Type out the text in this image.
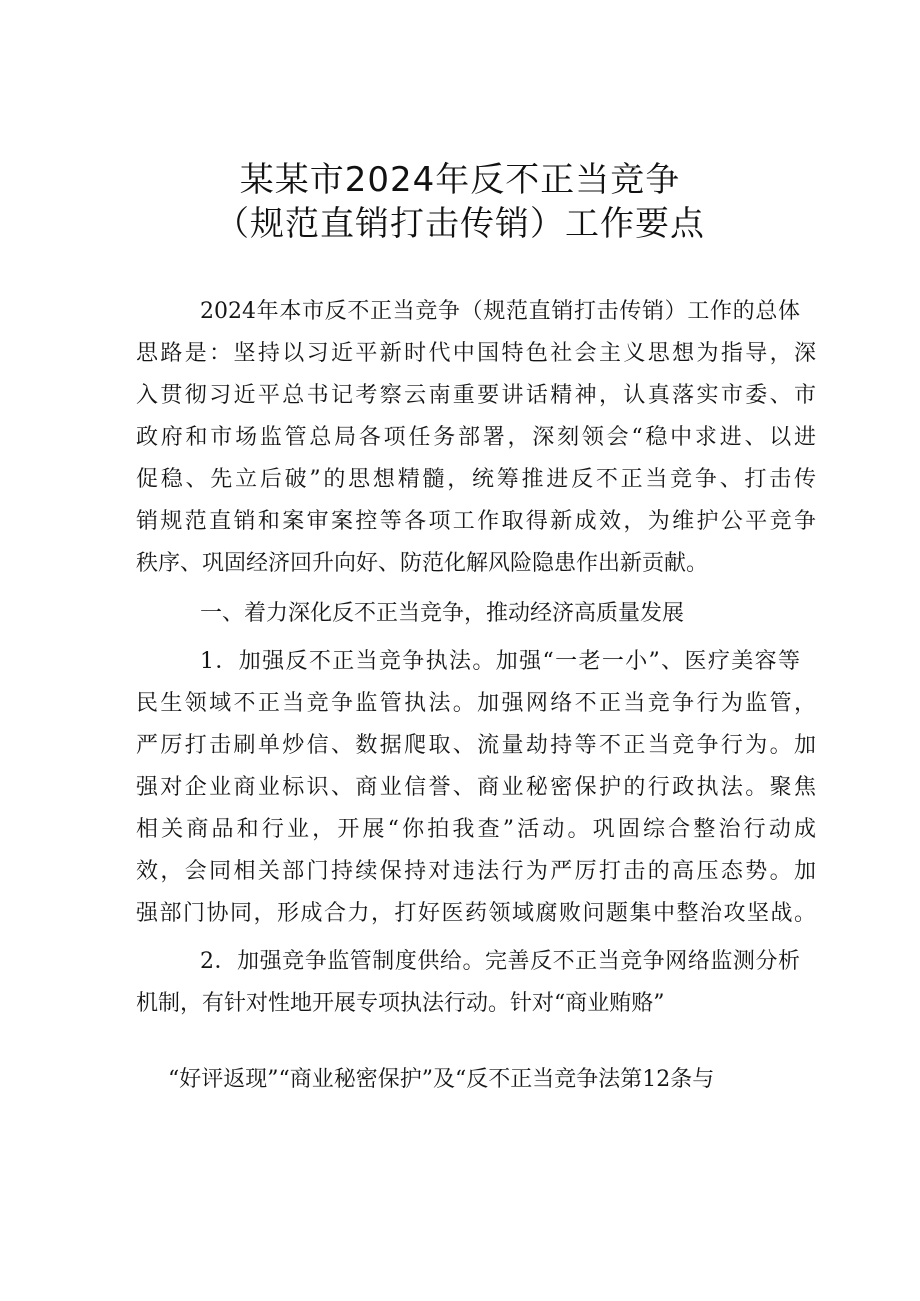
某某市2024年反不正当竞争
（规范直销打击传销）工作要点
2024年本市反不正当竞争（规范直销打击传销）工作的总体
思路是：坚持以习近平新时代中国特色社会主义思想为指导，深
入贯彻习近平总书记考察云南重要讲话精神，认真落实市委、市
政府和市场监管总局各项任务部署，深刻领会“稳中求进、以进
促稳、先立后破”的思想精髓，统筹推进反不正当竞争、打击传
销规范直销和案审案控等各项工作取得新成效，为维护公平竞争
秩序、巩固经济回升向好、防范化解风险隐患作出新贡献。
一、着力深化反不正当竞争，推动经济高质量发展
1．加强反不正当竞争执法。加强“一老一小”、医疗美容等
民生领域不正当竞争监管执法。加强网络不正当竞争行为监管，
严厉打击刷单炒信、数据爬取、流量劫持等不正当竞争行为。加
强对企业商业标识、商业信誉、商业秘密保护的行政执法。聚焦
相关商品和行业，开展“你拍我查”活动。巩固综合整治行动成
效，会同相关部门持续保持对违法行为严厉打击的高压态势。加
强部门协同，形成合力，打好医药领域腐败问题集中整治攻坚战。
2．加强竞争监管制度供给。完善反不正当竞争网络监测分析
机制，有针对性地开展专项执法行动。针对“商业贿赂”
“好评返现”“商业秘密保护”及“反不正当竞争法第12条与
